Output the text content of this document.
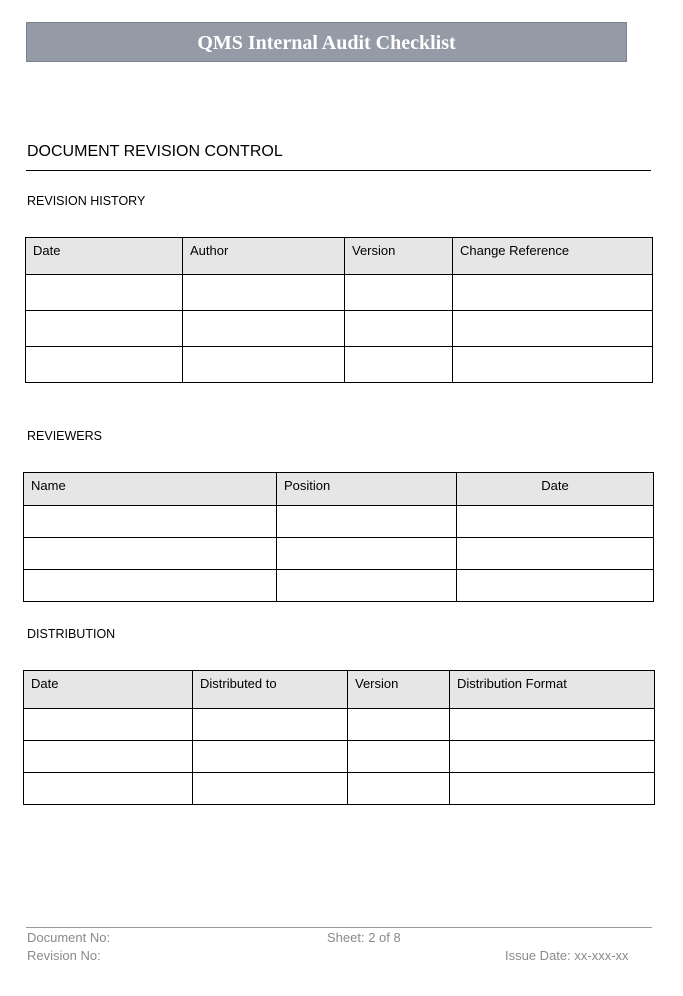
QMS Internal Audit Checklist
DOCUMENT REVISION CONTROL
REVISION HISTORY
Date	Author	Version	Change Reference

REVIEWERS
Name	Position	Date

DISTRIBUTION
Date	Distributed to	Version	Distribution Format

Document No:
Revision No:
Sheet: 2 of 8
Issue Date: xx-xxx-xx
